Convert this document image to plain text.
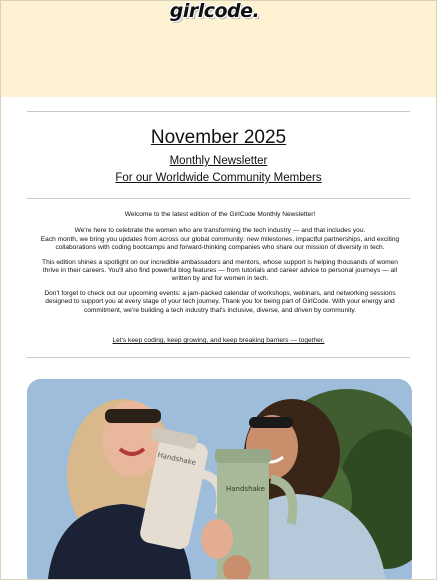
girlcode.
November 2025
Monthly Newsletter
For our Worldwide Community Members

Welcome to the latest edition of the GirlCode Monthly Newsletter!

We're here to celebrate the women who are transforming the tech industry — and that includes you.
Each month, we bring you updates from across our global community: new milestones, impactful partnerships, and exciting collaborations with coding bootcamps and forward-thinking companies who share our mission of diversity in tech.

This edition shines a spotlight on our incredible ambassadors and mentors, whose support is helping thousands of women thrive in their careers. You'll also find powerful blog features — from tutorials and career advice to personal journeys — all written by and for women in tech.

Don't forget to check out our upcoming events: a jam-packed calendar of workshops, webinars, and networking sessions designed to support you at every stage of your tech journey. Thank you for being part of GirlCode. With your energy and commitment, we're building a tech industry that's inclusive, diverse, and driven by community.

Let's keep coding, keep growing, and keep breaking barriers — together.
Handshake
Handshake
